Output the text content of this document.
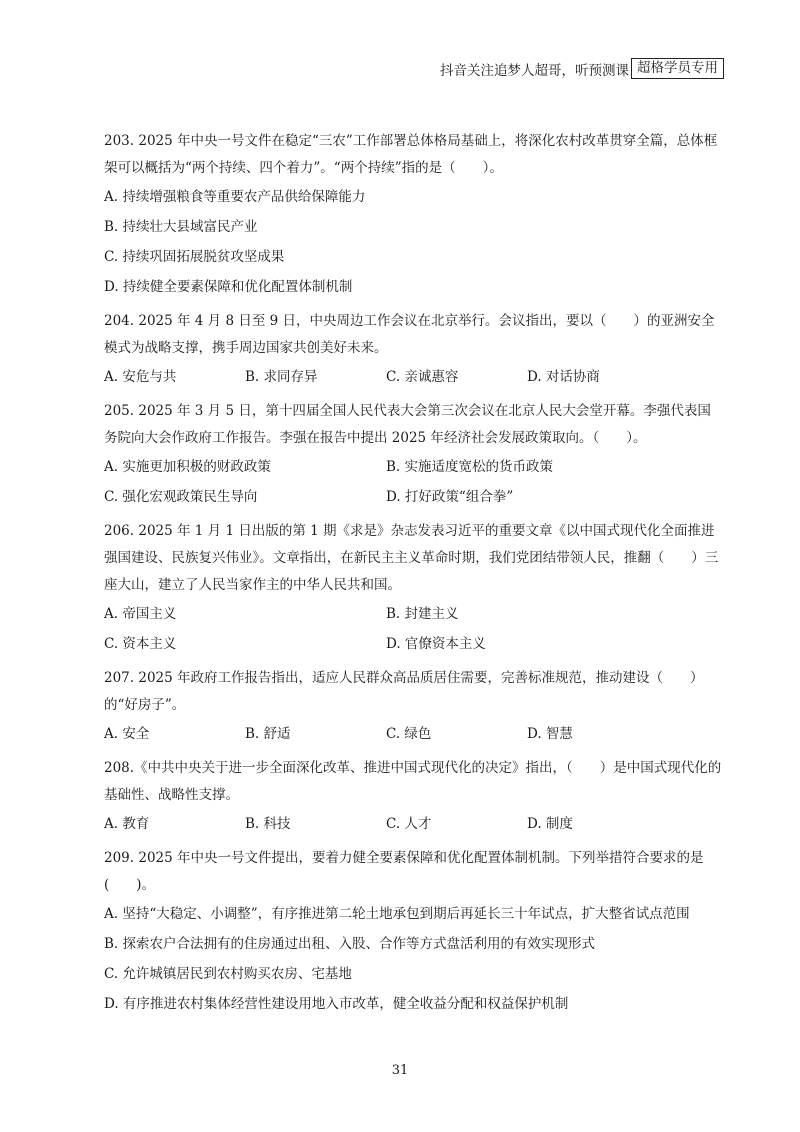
抖音关注追梦人超哥，听预测课 超格学员专用

203. 2025 年中央一号文件在稳定“三农”工作部署总体格局基础上，将深化农村改革贯穿全篇，总体框架可以概括为“两个持续、四个着力”。“两个持续”指的是（　　）。

A. 持续增强粮食等重要农产品供给保障能力

B. 持续壮大县域富民产业

C. 持续巩固拓展脱贫攻坚成果

D. 持续健全要素保障和优化配置体制机制

204. 2025 年 4 月 8 日至 9 日，中央周边工作会议在北京举行。会议指出，要以（　　）的亚洲安全模式为战略支撑，携手周边国家共创美好未来。

A. 安危与共	B. 求同存异	C. 亲诚惠容	D. 对话协商

205. 2025 年 3 月 5 日，第十四届全国人民代表大会第三次会议在北京人民大会堂开幕。李强代表国务院向大会作政府工作报告。李强在报告中提出 2025 年经济社会发展政策取向。（　　）。

A. 实施更加积极的财政政策	B. 实施适度宽松的货币政策
C. 强化宏观政策民生导向	D. 打好政策“组合拳”

206. 2025 年 1 月 1 日出版的第 1 期《求是》杂志发表习近平的重要文章《以中国式现代化全面推进强国建设、民族复兴伟业》。文章指出，在新民主主义革命时期，我们党团结带领人民，推翻（　　）三座大山，建立了人民当家作主的中华人民共和国。

A. 帝国主义	B. 封建主义
C. 资本主义	D. 官僚资本主义

207. 2025 年政府工作报告指出，适应人民群众高品质居住需要，完善标准规范，推动建设（　　）的“好房子”。

A. 安全	B. 舒适	C. 绿色	D. 智慧

208.《中共中央关于进一步全面深化改革、推进中国式现代化的决定》指出，（　　）是中国式现代化的基础性、战略性支撑。

A. 教育	B. 科技	C. 人才	D. 制度

209. 2025 年中央一号文件提出，要着力健全要素保障和优化配置体制机制。下列举措符合要求的是(　　)。

A. 坚持“大稳定、小调整”，有序推进第二轮土地承包到期后再延长三十年试点，扩大整省试点范围

B. 探索农户合法拥有的住房通过出租、入股、合作等方式盘活利用的有效实现形式

C. 允许城镇居民到农村购买农房、宅基地

D. 有序推进农村集体经营性建设用地入市改革，健全收益分配和权益保护机制

31
